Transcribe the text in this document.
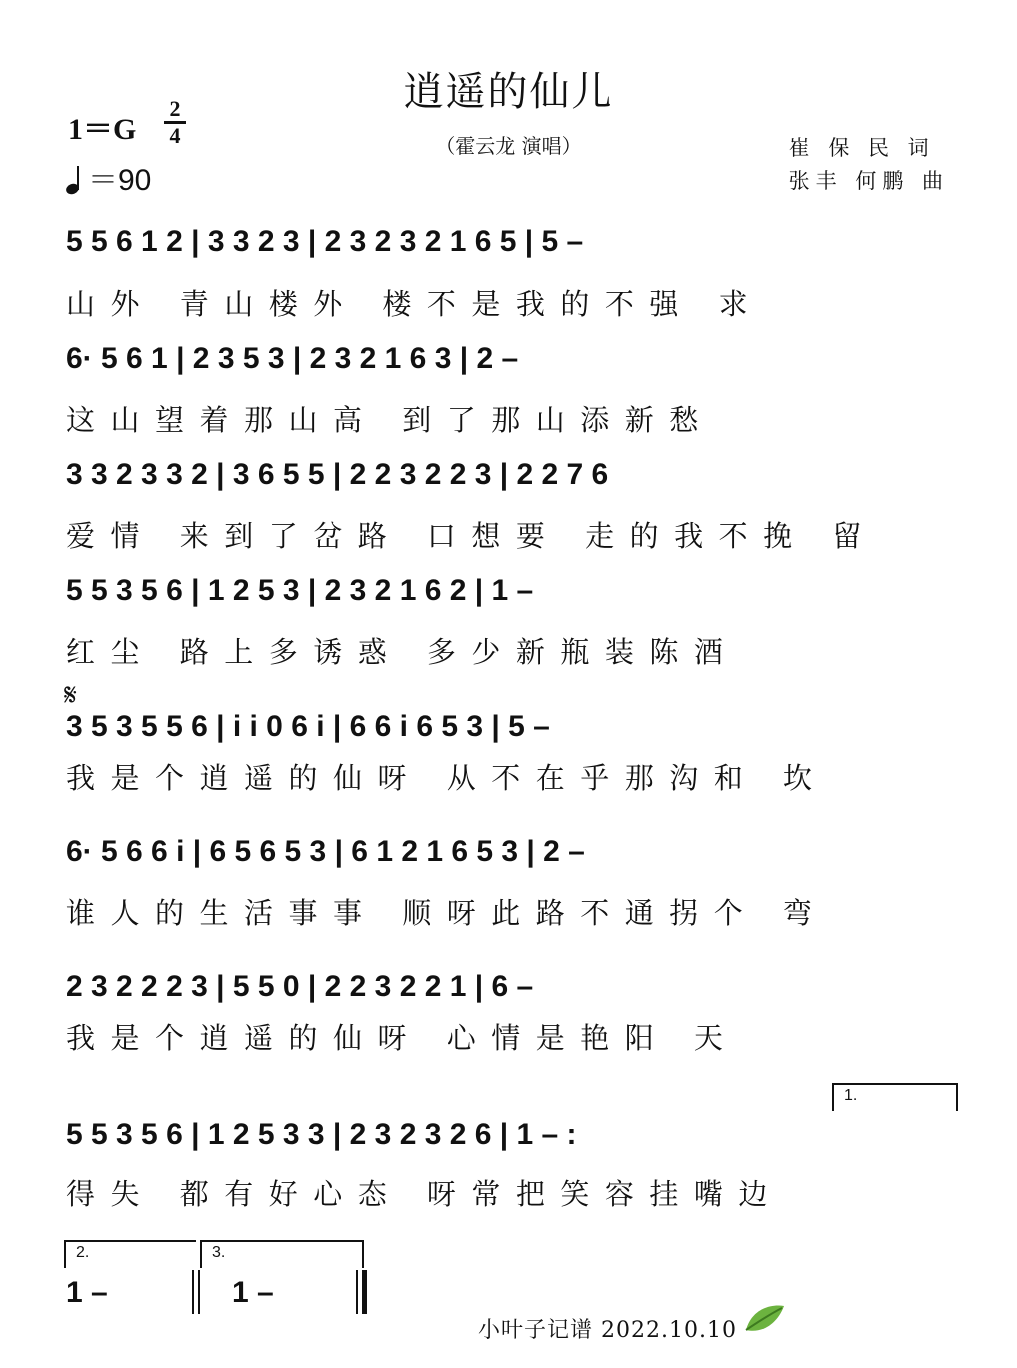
逍遥的仙儿
（霍云龙 演唱）
1＝G
2
4
＝90
崔 保 民 词
张丰 何鹏 曲
5 5 6 1 2 | 3 3 2 3 | 2 3 2 3 2 1 6 5 | 5 –
山外 青山楼外 楼不是我的不强 求
6· 5 6 1 | 2 3 5 3 | 2 3 2 1 6 3 | 2 –
这山望着那山高 到了那山添新愁
3 3 2 3 3 2 | 3 6 5 5 | 2 2 3 2 2 3 | 2 2 7 6
爱情 来到了岔路 口想要 走的我不挽 留
5 5 3 5 6 | 1 2 5 3 | 2 3 2 1 6 2 | 1 –
红尘 路上多诱惑 多少新瓶装陈酒
𝄋
3 5 3 5 5 6 | i i 0 6 i | 6 6 i 6 5 3 | 5 –
我是个逍遥的仙呀 从不在乎那沟和 坎
6· 5 6 6 i | 6 5 6 5 3 | 6 1 2 1 6 5 3 | 2 –
谁人的生活事事 顺呀此路不通拐个 弯
2 3 2 2 2 3 | 5 5 0 | 2 2 3 2 2 1 | 6 –
我是个逍遥的仙呀 心情是艳阳 天
1.
5 5 3 5 6 | 1 2 5 3 3 | 2 3 2 3 2 6 | 1 – :
得失 都有好心态 呀常把笑容挂嘴边
2.	3.
1 –	1 –
小叶子记谱 2022.10.10
